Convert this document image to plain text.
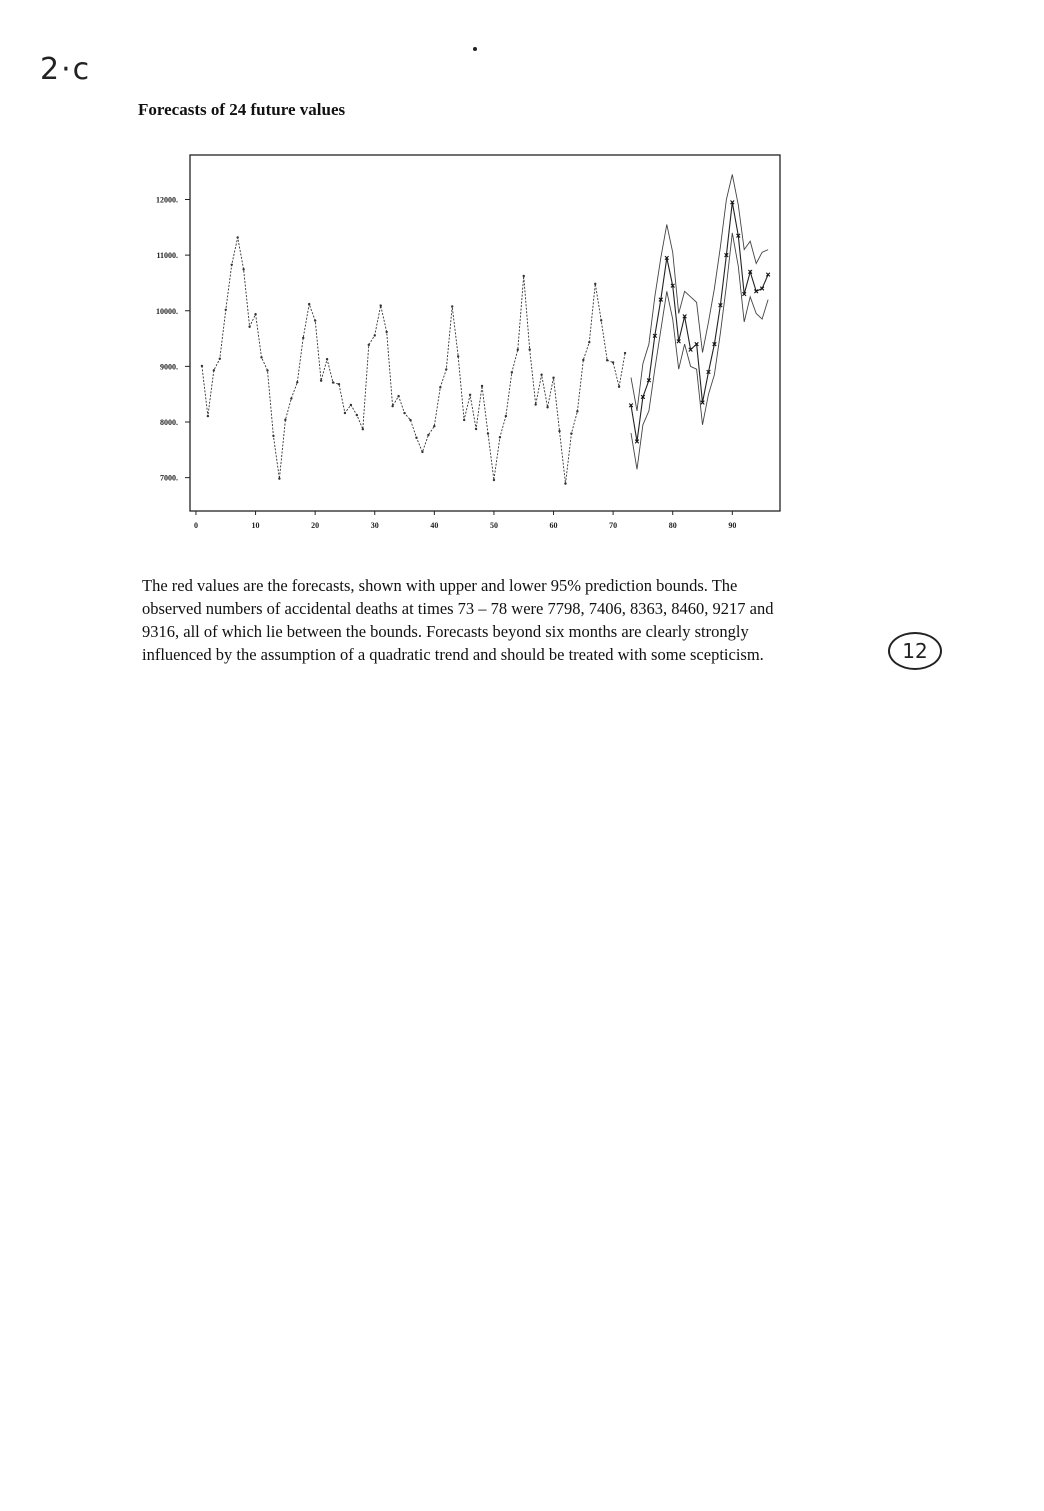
2·c
Forecasts of 24 future values
7000.
8000.
9000.
10000.
11000.
12000.
0	10	20	30	40	50	60	70	80	90

The red values are the forecasts, shown with upper and lower 95% prediction bounds. The observed numbers of accidental deaths at times 73 – 78 were 7798, 7406, 8363, 8460, 9217 and 9316, all of which lie between the bounds. Forecasts beyond six months are clearly strongly influenced by the assumption of a quadratic trend and should be treated with some scepticism.	12
